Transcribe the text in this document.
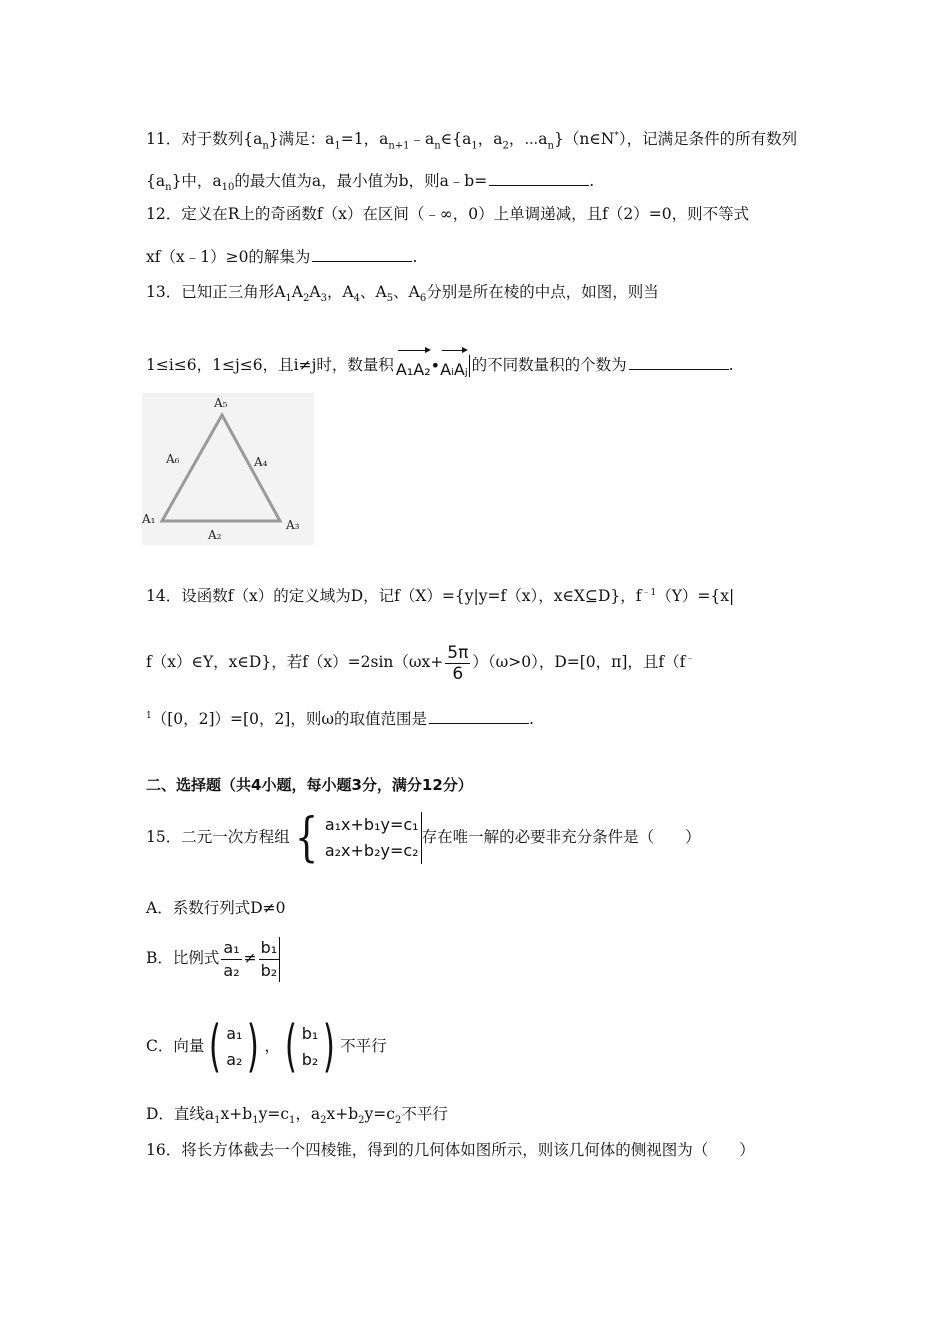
11．对于数列$\{a_n\}$满足：$a_1=1$，$a_{n+1}﹣a_n\in\{a_1$，$a_2$，$\cdots a_n\}(n\in N^*)$，记满足条件的所有数列
$\{a_n\}$中，$a_{10}$的最大值为a，最小值为b，则a﹣b=	.
12．定义在R上的奇函数f（x）在区间（﹣∞，0）上单调递减，且f（2）=0，则不等式
xf（x﹣1）≥0的解集为	.
13．已知正三角形$A_1A_2A_3$，$A_4$、$A_5$、$A_6$分别是所在棱的中点，如图，则当
1≤i≤6，1≤j≤6，且i≠j时，数量积 A₁A₂ • AᵢAⱼ 的不同数量积的个数为	.
A₅
A₆	A₄
A₁	A₃
A₂
14．设函数f（x）的定义域为D，记f（X）={y|y=f（x），x∈X⊆D}，$f^{﹣1}(Y)=\{x|$
f（x）∈Y，x∈D}，若$f(x)=2\sin(\omega x+ \frac{5\pi}{6} )(\omega>0)$，D=[0，π]，且f（f﹣
$^1$（[0，2]）=[0，2]，则ω的取值范围是	.
二、选择题（共4小题，每小题3分，满分12分）
15．二元一次方程组 { a₁x+b₁y=c₁
a₂x+b₂y=c₂
存在唯一解的必要非充分条件是（　　）
A．系数行列式D≠0
B．比例式 $\frac{\text{a₁}}{\text{a₂}} \ne \frac{\text{b₁}}{\text{b₂}}$
C．向量 ( a₁
a₂ ) ， ( b₁
b₂ ) 不平行
D．直线$a_1x+b_1y=c_1$，$a_2x+b_2y=c_2$不平行
16．将长方体截去一个四棱锥，得到的几何体如图所示，则该几何体的侧视图为（　　）
